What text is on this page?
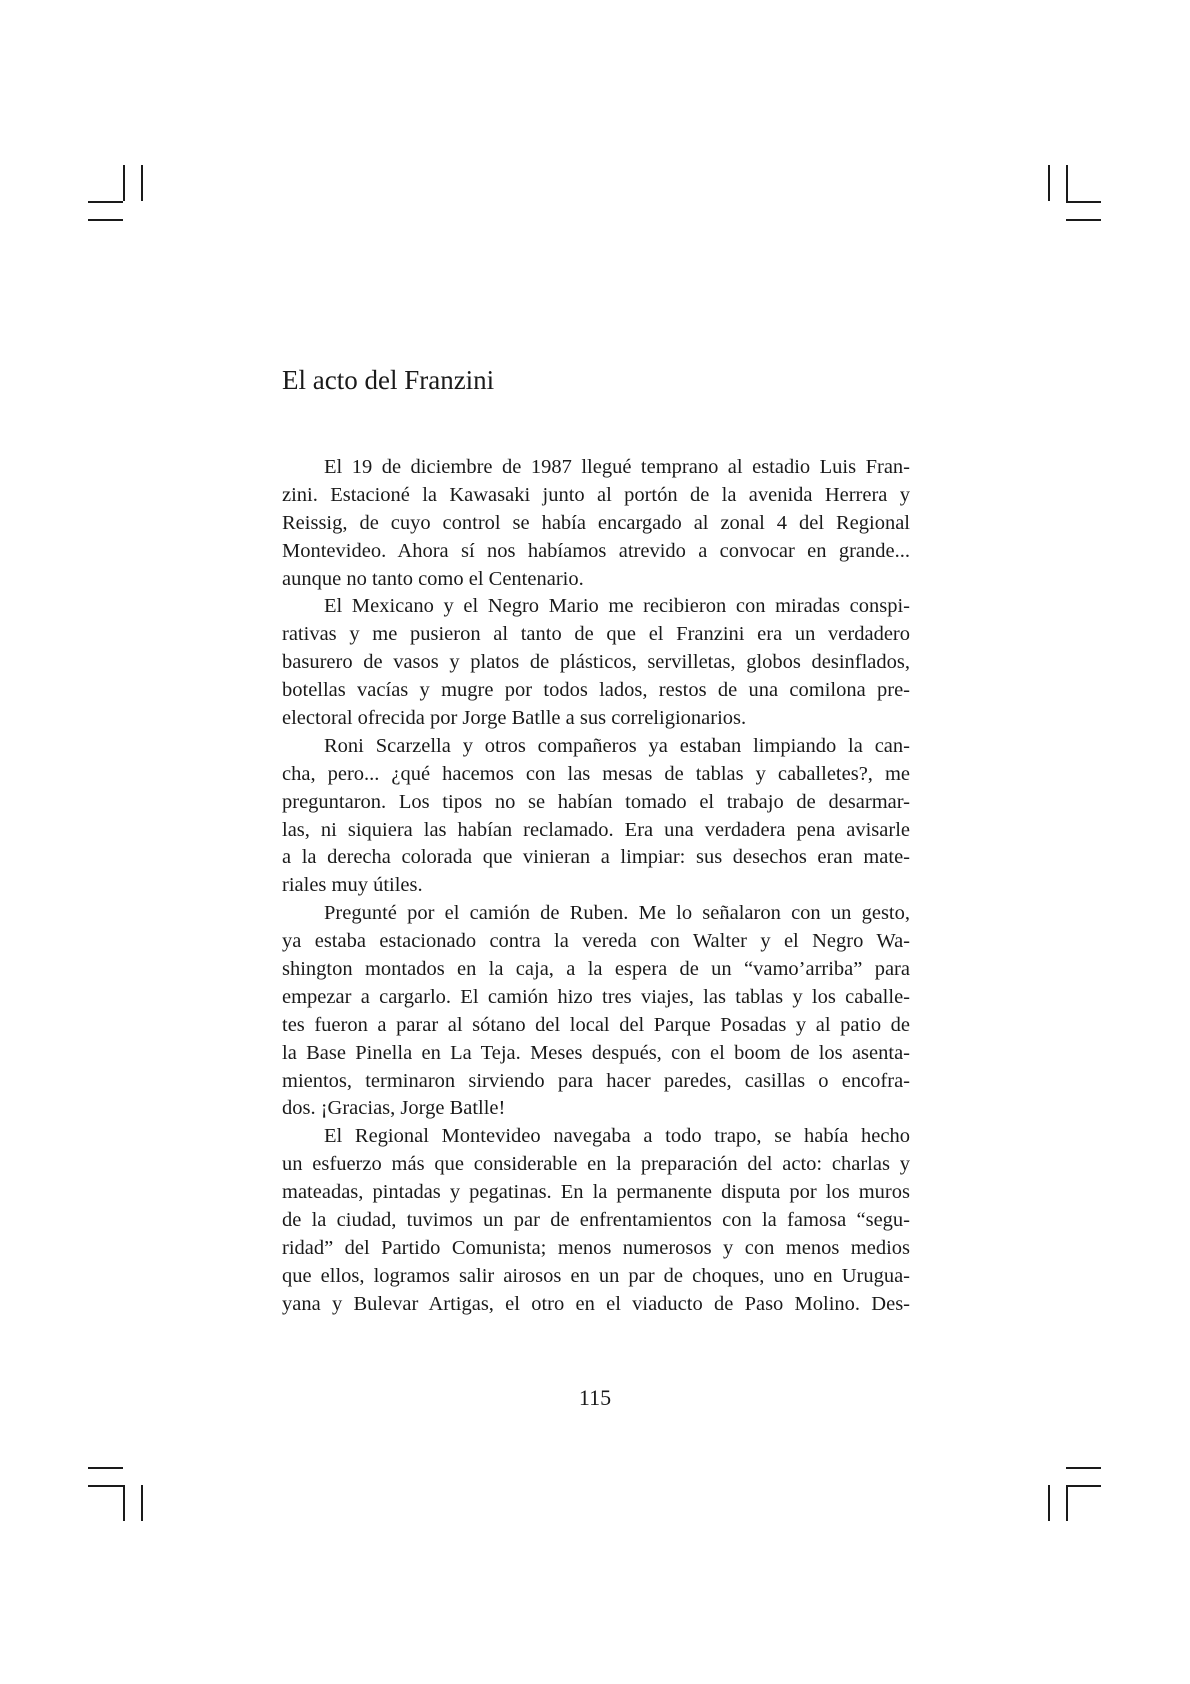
El acto del Franzini
El 19 de diciembre de 1987 llegué temprano al estadio Luis Fran-
zini. Estacioné la Kawasaki junto al portón de la avenida Herrera y
Reissig, de cuyo control se había encargado al zonal 4 del Regional
Montevideo. Ahora sí nos habíamos atrevido a convocar en grande...
aunque no tanto como el Centenario.
El Mexicano y el Negro Mario me recibieron con miradas conspi-
rativas y me pusieron al tanto de que el Franzini era un verdadero
basurero de vasos y platos de plásticos, servilletas, globos desinflados,
botellas vacías y mugre por todos lados, restos de una comilona pre-
electoral ofrecida por Jorge Batlle a sus correligionarios.
Roni Scarzella y otros compañeros ya estaban limpiando la can-
cha, pero... ¿qué hacemos con las mesas de tablas y caballetes?, me
preguntaron. Los tipos no se habían tomado el trabajo de desarmar-
las, ni siquiera las habían reclamado. Era una verdadera pena avisarle
a la derecha colorada que vinieran a limpiar: sus desechos eran mate-
riales muy útiles.
Pregunté por el camión de Ruben. Me lo señalaron con un gesto,
ya estaba estacionado contra la vereda con Walter y el Negro Wa-
shington montados en la caja, a la espera de un “vamo’arriba” para
empezar a cargarlo. El camión hizo tres viajes, las tablas y los caballe-
tes fueron a parar al sótano del local del Parque Posadas y al patio de
la Base Pinella en La Teja. Meses después, con el boom de los asenta-
mientos, terminaron sirviendo para hacer paredes, casillas o encofra-
dos. ¡Gracias, Jorge Batlle!
El Regional Montevideo navegaba a todo trapo, se había hecho
un esfuerzo más que considerable en la preparación del acto: charlas y
mateadas, pintadas y pegatinas. En la permanente disputa por los muros
de la ciudad, tuvimos un par de enfrentamientos con la famosa “segu-
ridad” del Partido Comunista; menos numerosos y con menos medios
que ellos, logramos salir airosos en un par de choques, uno en Urugua-
yana y Bulevar Artigas, el otro en el viaducto de Paso Molino. Des-
115
